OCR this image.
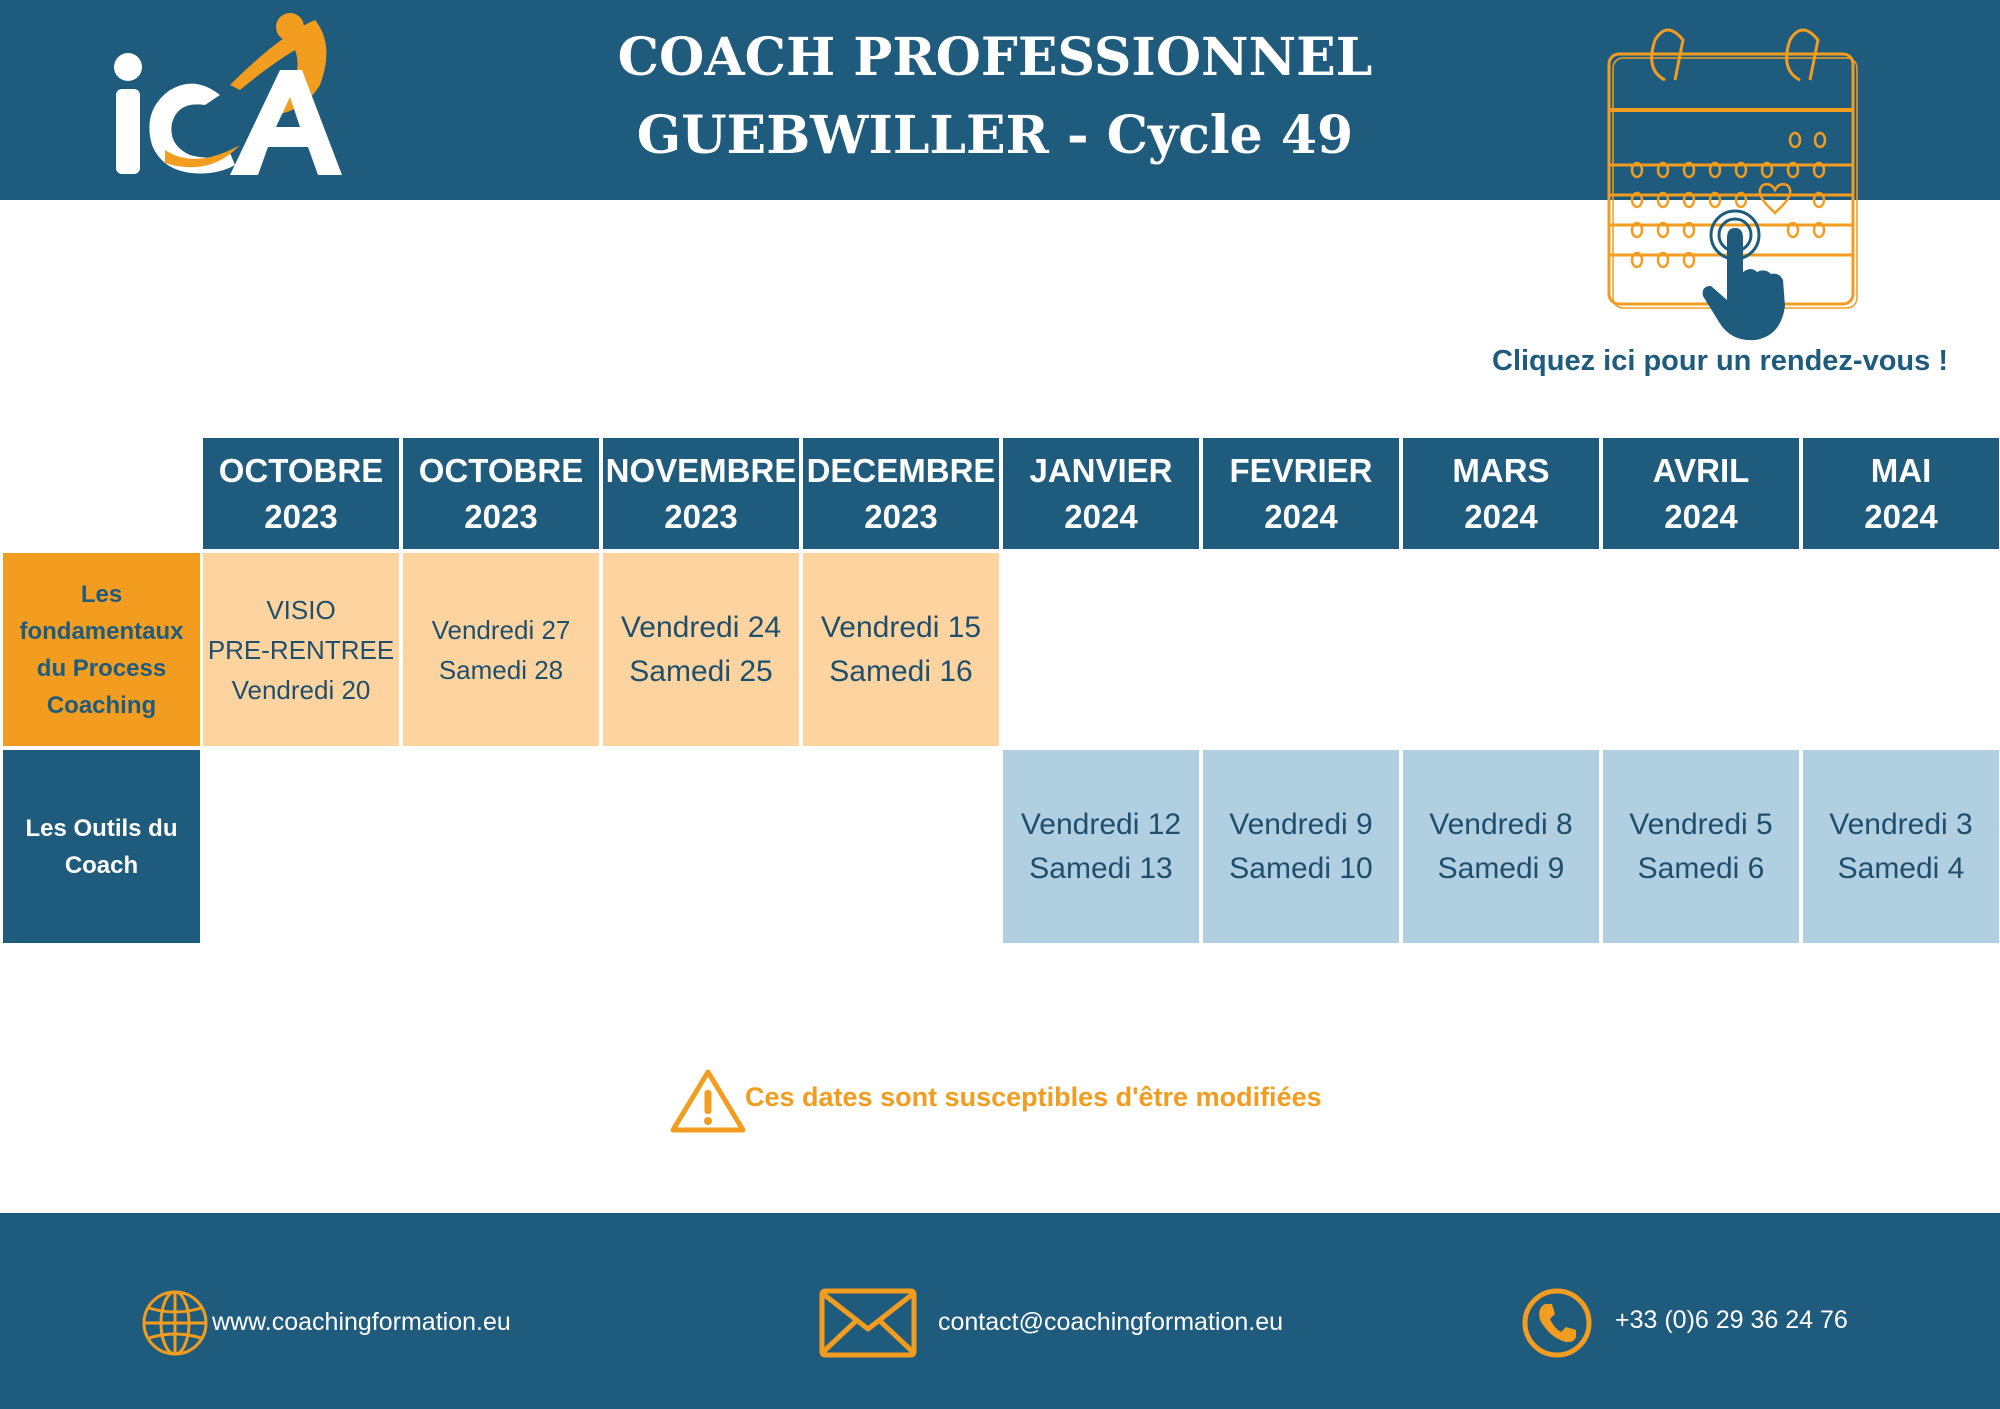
COACH PROFESSIONNEL
GUEBWILLER - Cycle 49
Cliquez ici pour un rendez-vous !
OCTOBRE
2023
OCTOBRE
2023
NOVEMBRE
2023
DECEMBRE
2023
JANVIER
2024
FEVRIER
2024
MARS
2024
AVRIL
2024
MAI
2024
Les
fondamentaux
du Process
Coaching
VISIO
PRE-RENTREE
Vendredi 20
Vendredi 27
Samedi 28
Vendredi 24
Samedi 25
Vendredi 15
Samedi 16
Les Outils du
Coach
Vendredi 12
Samedi 13
Vendredi 9
Samedi 10
Vendredi 8
Samedi 9
Vendredi 5
Samedi 6
Vendredi 3
Samedi 4
Ces dates sont susceptibles d'être modifiées
www.coachingformation.eu	contact@coachingformation.eu	+33 (0)6 29 36 24 76
